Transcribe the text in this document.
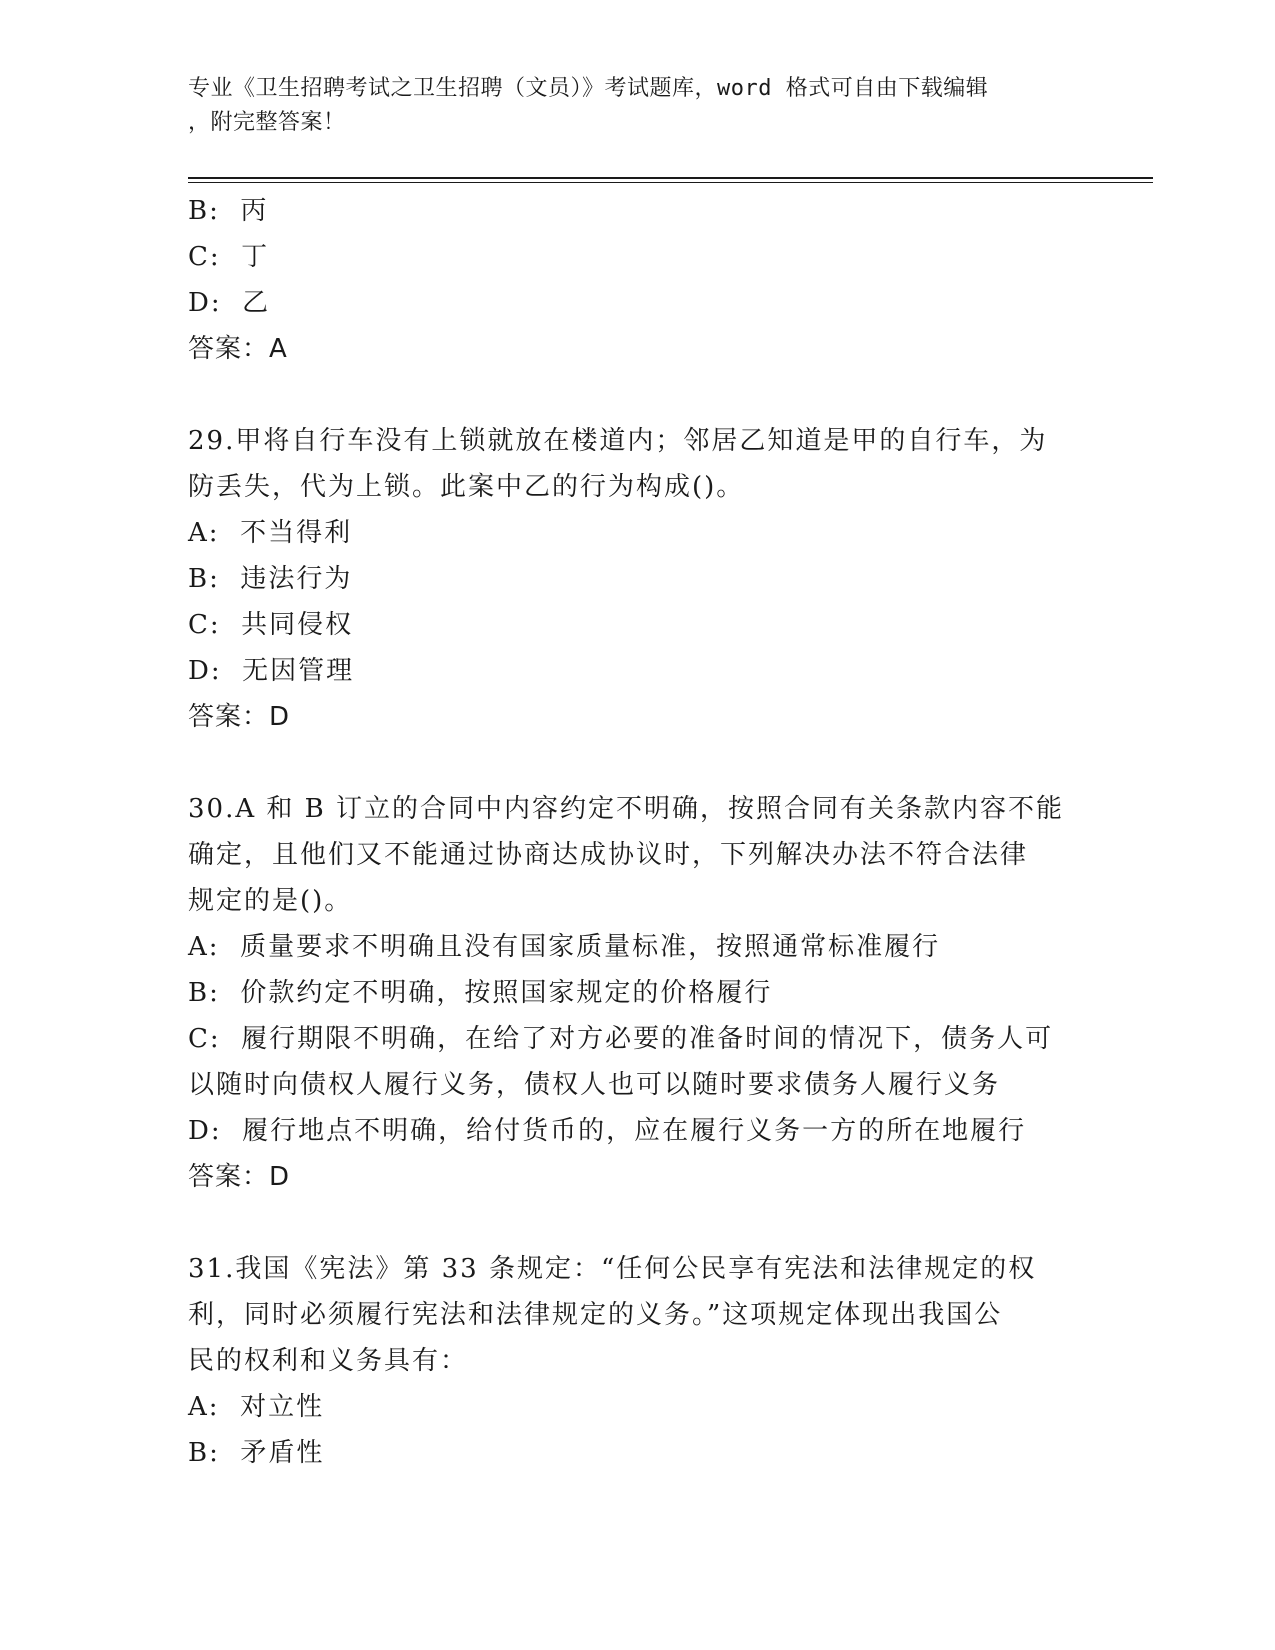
专业《卫生招聘考试之卫生招聘（文员）》考试题库，word 格式可自由下载编辑
，附完整答案！
B:  丙
C:  丁
D:  乙
答案：A
29.甲将自行车没有上锁就放在楼道内；邻居乙知道是甲的自行车，为
防丢失，代为上锁。此案中乙的行为构成()。
A:  不当得利
B:  违法行为
C:  共同侵权
D:  无因管理
答案：D
30.A 和 B 订立的合同中内容约定不明确，按照合同有关条款内容不能
确定，且他们又不能通过协商达成协议时，下列解决办法不符合法律
规定的是()。
A:  质量要求不明确且没有国家质量标准，按照通常标准履行
B:  价款约定不明确，按照国家规定的价格履行
C:  履行期限不明确，在给了对方必要的准备时间的情况下，债务人可
以随时向债权人履行义务，债权人也可以随时要求债务人履行义务
D:  履行地点不明确，给付货币的，应在履行义务一方的所在地履行
答案：D
31.我国《宪法》第 33 条规定：“任何公民享有宪法和法律规定的权
利，同时必须履行宪法和法律规定的义务。”这项规定体现出我国公
民的权利和义务具有：
A:  对立性
B:  矛盾性
